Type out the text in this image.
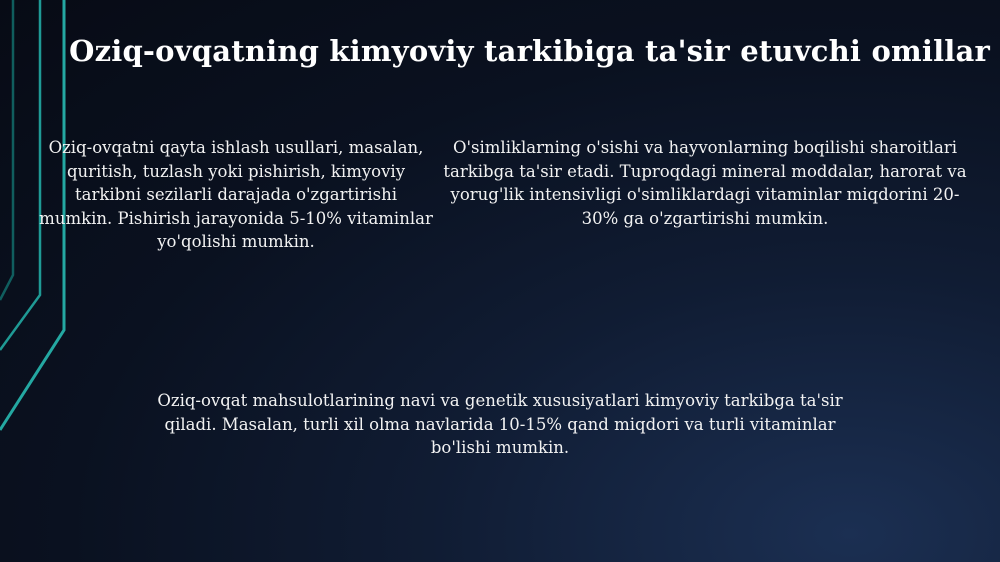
Oziq-ovqatning kimyoviy tarkibiga ta'sir etuvchi omillar

Oziq-ovqatni qayta ishlash usullari, masalan, quritish, tuzlash yoki pishirish, kimyoviy tarkibni sezilarli darajada o'zgartirishi mumkin. Pishirish jarayonida 5-10% vitaminlar yo'qolishi mumkin.

O'simliklarning o'sishi va hayvonlarning boqilishi sharoitlari tarkibga ta'sir etadi. Tuproqdagi mineral moddalar, harorat va yorug'lik intensivligi o'simliklardagi vitaminlar miqdorini 20-30% ga o'zgartirishi mumkin.

Oziq-ovqat mahsulotlarining navi va genetik xususiyatlari kimyoviy tarkibga ta'sir qiladi. Masalan, turli xil olma navlarida 10-15% qand miqdori va turli vitaminlar bo'lishi mumkin.
